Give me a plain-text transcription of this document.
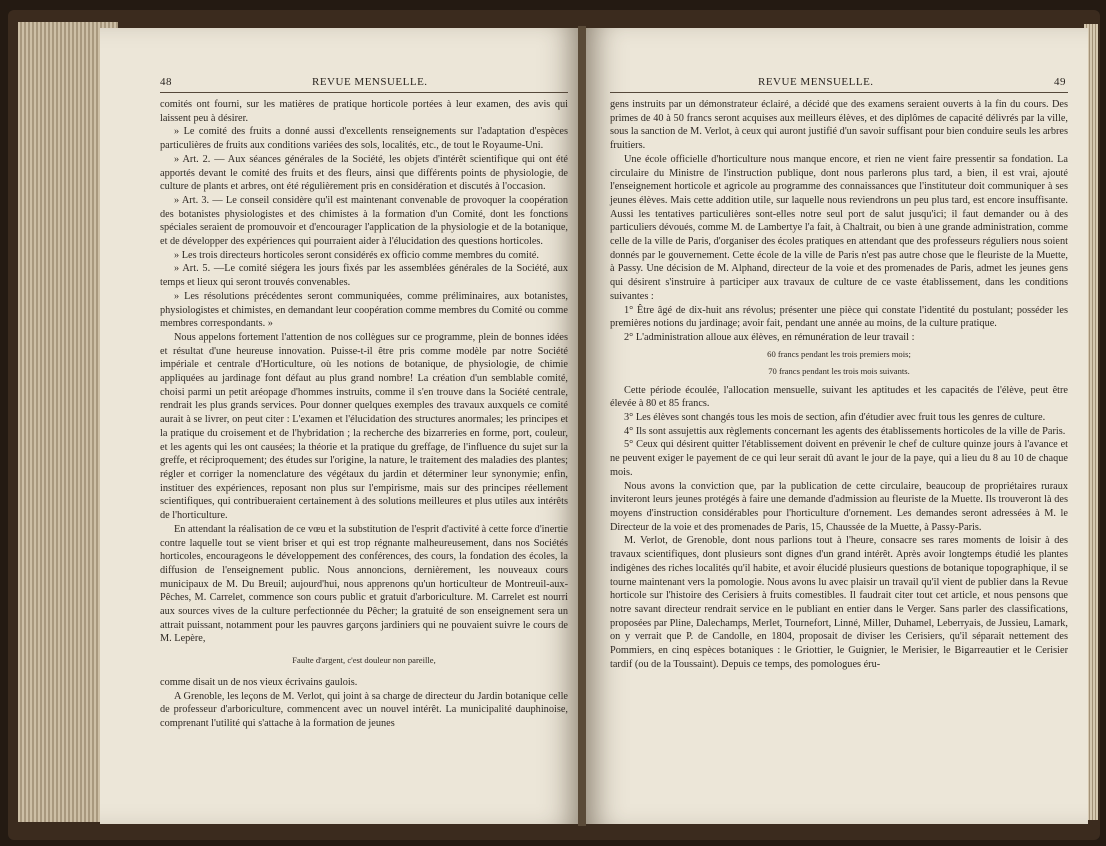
48	REVUE MENSUELLE.

comités ont fourni, sur les matières de pratique horticole portées à leur examen, des avis qui laissent peu à désirer.

» Le comité des fruits a donné aussi d'excellents renseignements sur l'adaptation d'espèces particulières de fruits aux conditions variées des sols, localités, etc., de tout le Royaume-Uni.

» Art. 2. — Aux séances générales de la Société, les objets d'intérêt scientifique qui ont été apportés devant le comité des fruits et des fleurs, ainsi que différents points de physiologie, de culture de plants et arbres, ont été régulièrement pris en considération et discutés à l'occasion.

» Art. 3. — Le conseil considère qu'il est maintenant convenable de provoquer la coopération des botanistes physiologistes et des chimistes à la formation d'un Comité, dont les fonctions spéciales seraient de promouvoir et d'encourager l'application de la physiologie et de la botanique, et de développer des expériences qui pourraient aider à l'élucidation des questions horticoles.

» Les trois directeurs horticoles seront considérés ex officio comme membres du comité.

» Art. 5. —Le comité siégera les jours fixés par les assemblées générales de la Société, aux temps et lieux qui seront trouvés convenables.

» Les résolutions précédentes seront communiquées, comme préliminaires, aux botanistes, physiologistes et chimistes, en demandant leur coopération comme membres du Comité ou comme membres correspondants. »

Nous appelons fortement l'attention de nos collègues sur ce programme, plein de bonnes idées et résultat d'une heureuse innovation. Puisse-t-il être pris comme modèle par notre Société impériale et centrale d'Horticulture, où les notions de botanique, de physiologie, de chimie appliquées au jardinage font défaut au plus grand nombre! La création d'un semblable comité, choisi parmi un petit aréopage d'hommes instruits, comme il s'en trouve dans la Société centrale, rendrait les plus grands services. Pour donner quelques exemples des travaux auxquels ce comité aurait à se livrer, on peut citer : L'examen et l'élucidation des structures anormales; les principes et la pratique du croisement et de l'hybridation ; la recherche des bizarreries en forme, port, couleur, et les agents qui les ont causées; la théorie et la pratique du greffage, de l'influence du sujet sur la greffe, et réciproquement; des études sur l'origine, la nature, le traitement des maladies des plantes; régler et corriger la nomenclature des végétaux du jardin et déterminer leur synonymie; enfin, instituer des expériences, reposant non plus sur l'empirisme, mais sur des principes réellement scientifiques, qui contribueraient certainement à des solutions meilleures et plus utiles aux intérêts de l'horticulture.

En attendant la réalisation de ce vœu et la substitution de l'esprit d'activité à cette force d'inertie contre laquelle tout se vient briser et qui est trop régnante malheureusement, dans nos Sociétés horticoles, encourageons le développement des conférences, des cours, la fondation des écoles, la diffusion de l'enseignement public. Nous annoncions, dernièrement, les nouveaux cours municipaux de M. Du Breuil; aujourd'hui, nous apprenons qu'un horticulteur de Montreuil-aux-Pêches, M. Carrelet, commence son cours public et gratuit d'arboriculture. M. Carrelet est nourri aux sources vives de la culture perfectionnée du Pêcher; la gratuité de son enseignement sera un attrait puissant, notamment pour les pauvres garçons jardiniers qui ne pouvaient suivre le cours de M. Lepère,

Faulte d'argent, c'est douleur non pareille,

comme disait un de nos vieux écrivains gaulois.

A Grenoble, les leçons de M. Verlot, qui joint à sa charge de directeur du Jardin botanique celle de professeur d'arboriculture, commencent avec un nouvel intérêt. La municipalité dauphinoise, comprenant l'utilité qui s'attache à la formation de jeunes

REVUE MENSUELLE.	49

gens instruits par un démonstrateur éclairé, a décidé que des examens seraient ouverts à la fin du cours. Des primes de 40 à 50 francs seront acquises aux meilleurs élèves, et des diplômes de capacité délivrés par la ville, sous la sanction de M. Verlot, à ceux qui auront justifié d'un savoir suffisant pour bien conduire seuls les arbres fruitiers.

Une école officielle d'horticulture nous manque encore, et rien ne vient faire pressentir sa fondation. La circulaire du Ministre de l'instruction publique, dont nous parlerons plus tard, a bien, il est vrai, ajouté l'enseignement horticole et agricole au programme des connaissances que l'instituteur doit communiquer à ses jeunes élèves. Mais cette addition utile, sur laquelle nous reviendrons un peu plus tard, est encore insuffisante. Aussi les tentatives particulières sont-elles notre seul port de salut jusqu'ici; il faut demander ou à des particuliers dévoués, comme M. de Lambertye l'a fait, à Chaltrait, ou bien à une grande administration, comme celle de la ville de Paris, d'organiser des écoles pratiques en attendant que des professeurs réguliers nous soient donnés par le gouvernement. Cette école de la ville de Paris n'est pas autre chose que le fleuriste de la Muette, à Passy. Une décision de M. Alphand, directeur de la voie et des promenades de Paris, admet les jeunes gens qui désirent s'instruire à participer aux travaux de culture de ce vaste établissement, dans les conditions suivantes :

1° Être âgé de dix-huit ans révolus; présenter une pièce qui constate l'identité du postulant; posséder les premières notions du jardinage; avoir fait, pendant une année au moins, de la culture pratique.

2° L'administration alloue aux élèves, en rémunération de leur travail :

60 francs pendant les trois premiers mois;

70 francs pendant les trois mois suivants.

Cette période écoulée, l'allocation mensuelle, suivant les aptitudes et les capacités de l'élève, peut être élevée à 80 et 85 francs.

3° Les élèves sont changés tous les mois de section, afin d'étudier avec fruit tous les genres de culture.

4° Ils sont assujettis aux règlements concernant les agents des établissements horticoles de la ville de Paris.

5° Ceux qui désirent quitter l'établissement doivent en prévenir le chef de culture quinze jours à l'avance et ne peuvent exiger le payement de ce qui leur serait dû avant le jour de la paye, qui a lieu du 8 au 10 de chaque mois.

Nous avons la conviction que, par la publication de cette circulaire, beaucoup de propriétaires ruraux inviteront leurs jeunes protégés à faire une demande d'admission au fleuriste de la Muette. Ils trouveront là des moyens d'instruction considérables pour l'horticulture d'ornement. Les demandes seront adressées à M. le Directeur de la voie et des promenades de Paris, 15, Chaussée de la Muette, à Passy-Paris.

M. Verlot, de Grenoble, dont nous parlions tout à l'heure, consacre ses rares moments de loisir à des travaux scientifiques, dont plusieurs sont dignes d'un grand intérêt. Après avoir longtemps étudié les plantes indigènes des riches localités qu'il habite, et avoir élucidé plusieurs questions de botanique topographique, il se tourne maintenant vers la pomologie. Nous avons lu avec plaisir un travail qu'il vient de publier dans la Revue horticole sur l'histoire des Cerisiers à fruits comestibles. Il faudrait citer tout cet article, et nous pensons que notre savant directeur rendrait service en le publiant en entier dans le Verger. Sans parler des classifications, proposées par Pline, Dalechamps, Merlet, Tournefort, Linné, Miller, Duhamel, Leberryais, de Jussieu, Lamark, on y verrait que P. de Candolle, en 1804, proposait de diviser les Cerisiers, qu'il séparait nettement des Pommiers, en cinq espèces botaniques : le Griottier, le Guignier, le Merisier, le Bigarreautier et le Cerisier tardif (ou de la Toussaint). Depuis ce temps, des pomologues éru-
